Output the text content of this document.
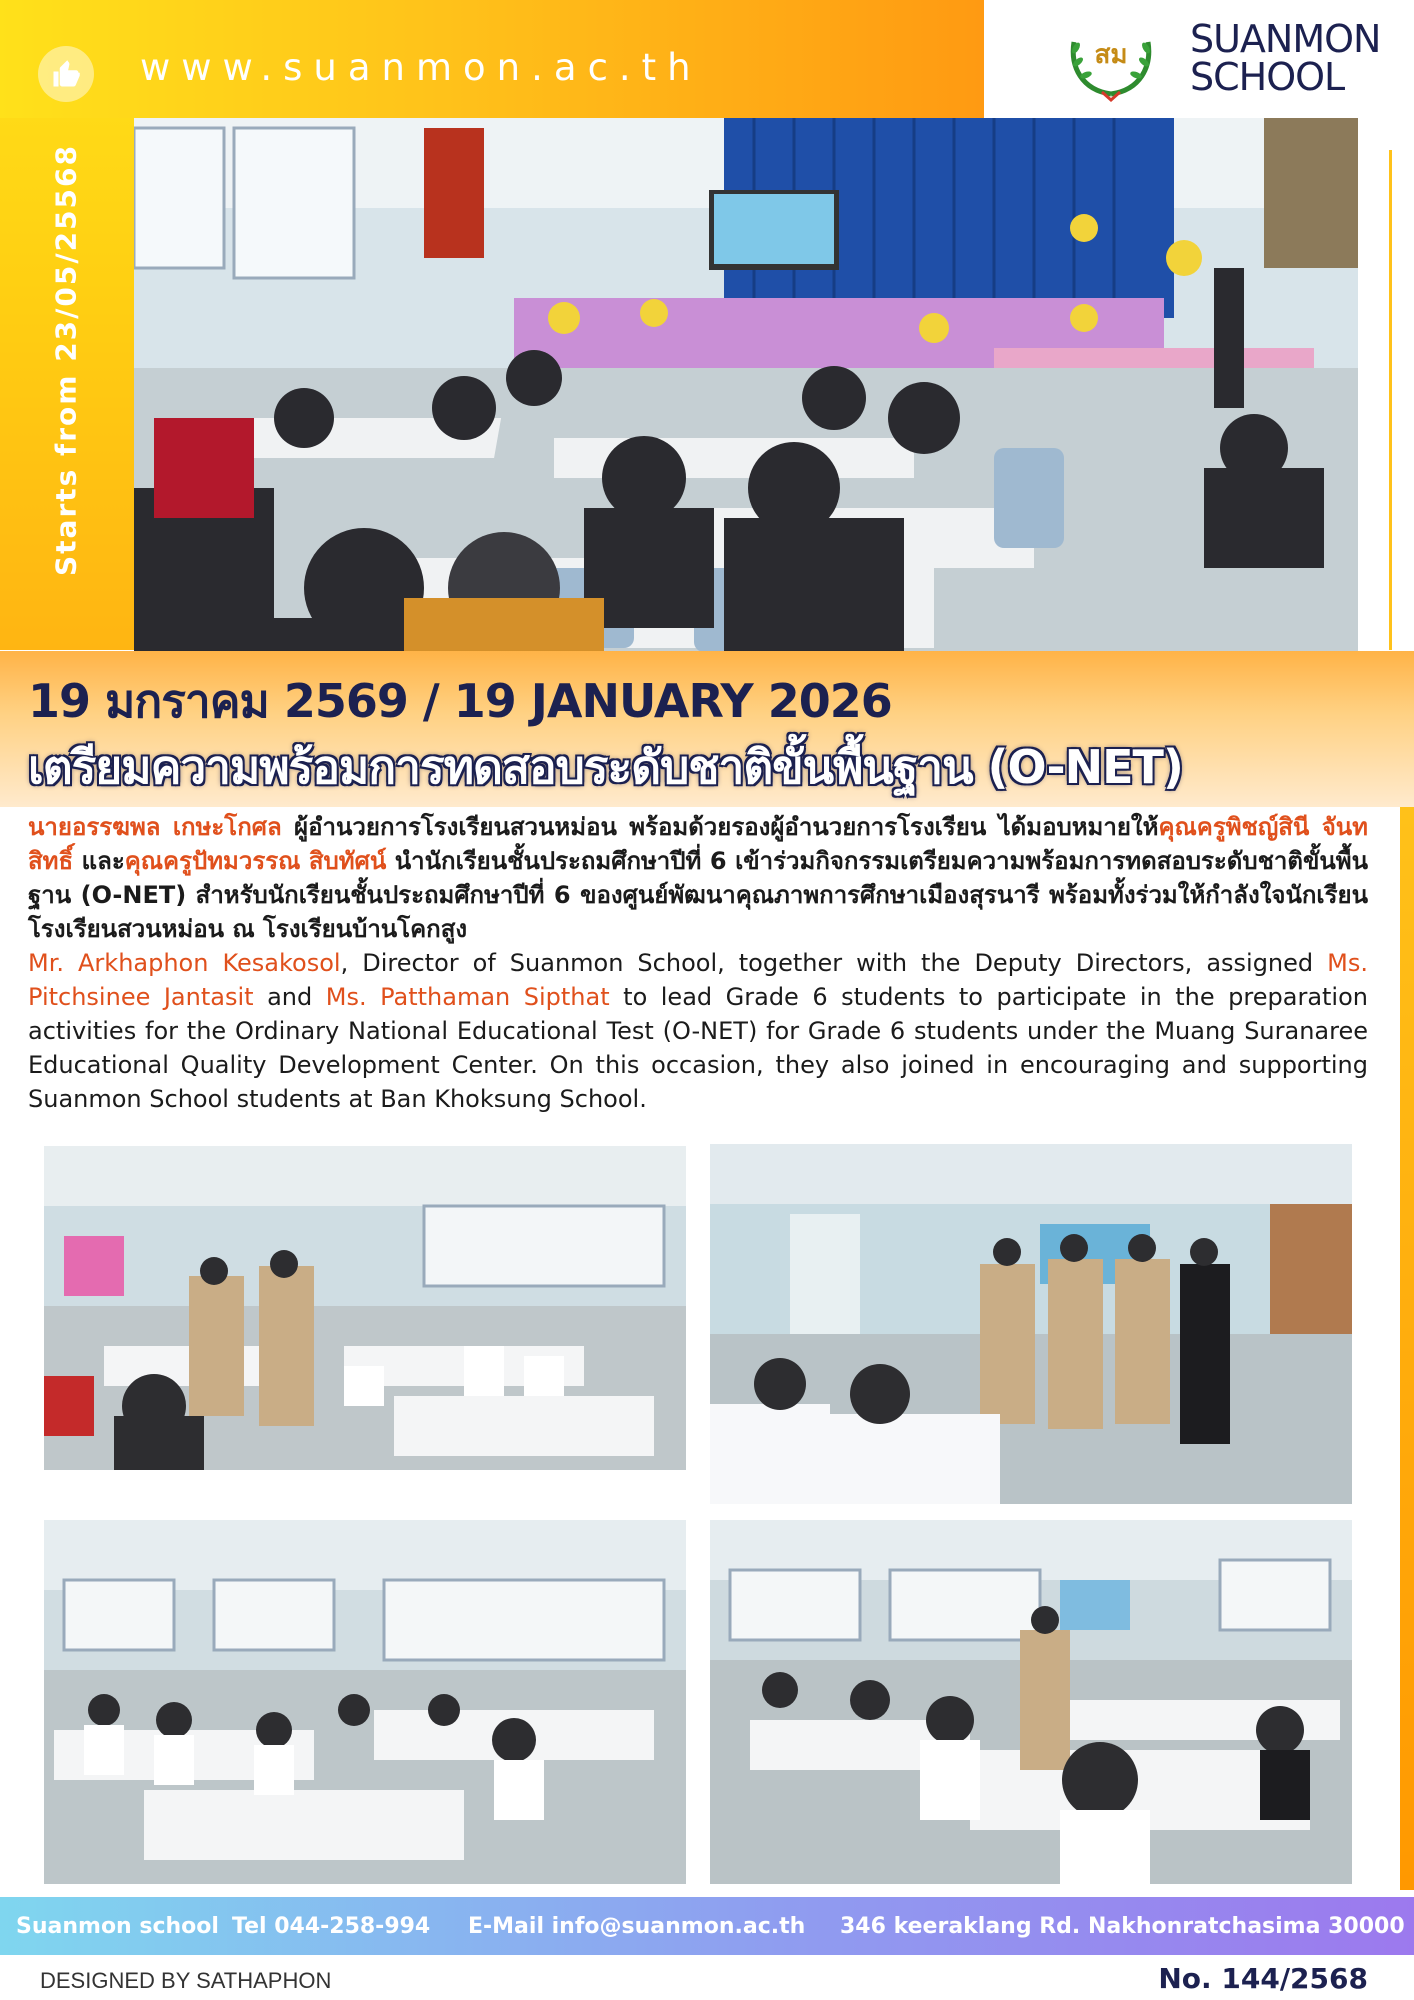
www.suanmon.ac.th
Starts from 23/05/25568
สม SUANMON
SCHOOL
19 มกราคม 2569 / 19 JANUARY 2026
เตรียมความพร้อมการทดสอบระดับชาติขั้นพื้นฐาน (O-NET)
นายอรรฆพล เกษะโกศล ผู้อำนวยการโรงเรียนสวนหม่อน พร้อมด้วยรองผู้อำนวยการโรงเรียน ได้มอบหมายให้คุณครูพิชญ์สินี จันทสิทธิ์ และคุณครูปัทมวรรณ สิบทัศน์ นำนักเรียนชั้นประถมศึกษาปีที่ 6 เข้าร่วมกิจกรรมเตรียมความพร้อมการทดสอบระดับชาติขั้นพื้นฐาน (O-NET) สำหรับนักเรียนชั้นประถมศึกษาปีที่ 6 ของศูนย์พัฒนาคุณภาพการศึกษาเมืองสุรนารี พร้อมทั้งร่วมให้กำลังใจนักเรียนโรงเรียนสวนหม่อน ณ โรงเรียนบ้านโคกสูง
Mr. Arkhaphon Kesakosol, Director of Suanmon School, together with the Deputy Directors, assigned Ms. Pitchsinee Jantasit and Ms. Patthaman Sipthat to lead Grade 6 students to participate in the preparation activities for the Ordinary National Educational Test (O-NET) for Grade 6 students under the Muang Suranaree Educational Quality Development Center. On this occasion, they also joined in encouraging and supporting Suanmon School students at Ban Khoksung School.
Suanmon school Tel 044-258-994 E-Mail info@suanmon.ac.th 346 keeraklang Rd. Nakhonratchasima 30000
DESIGNED BY SATHAPHON	No. 144/2568
